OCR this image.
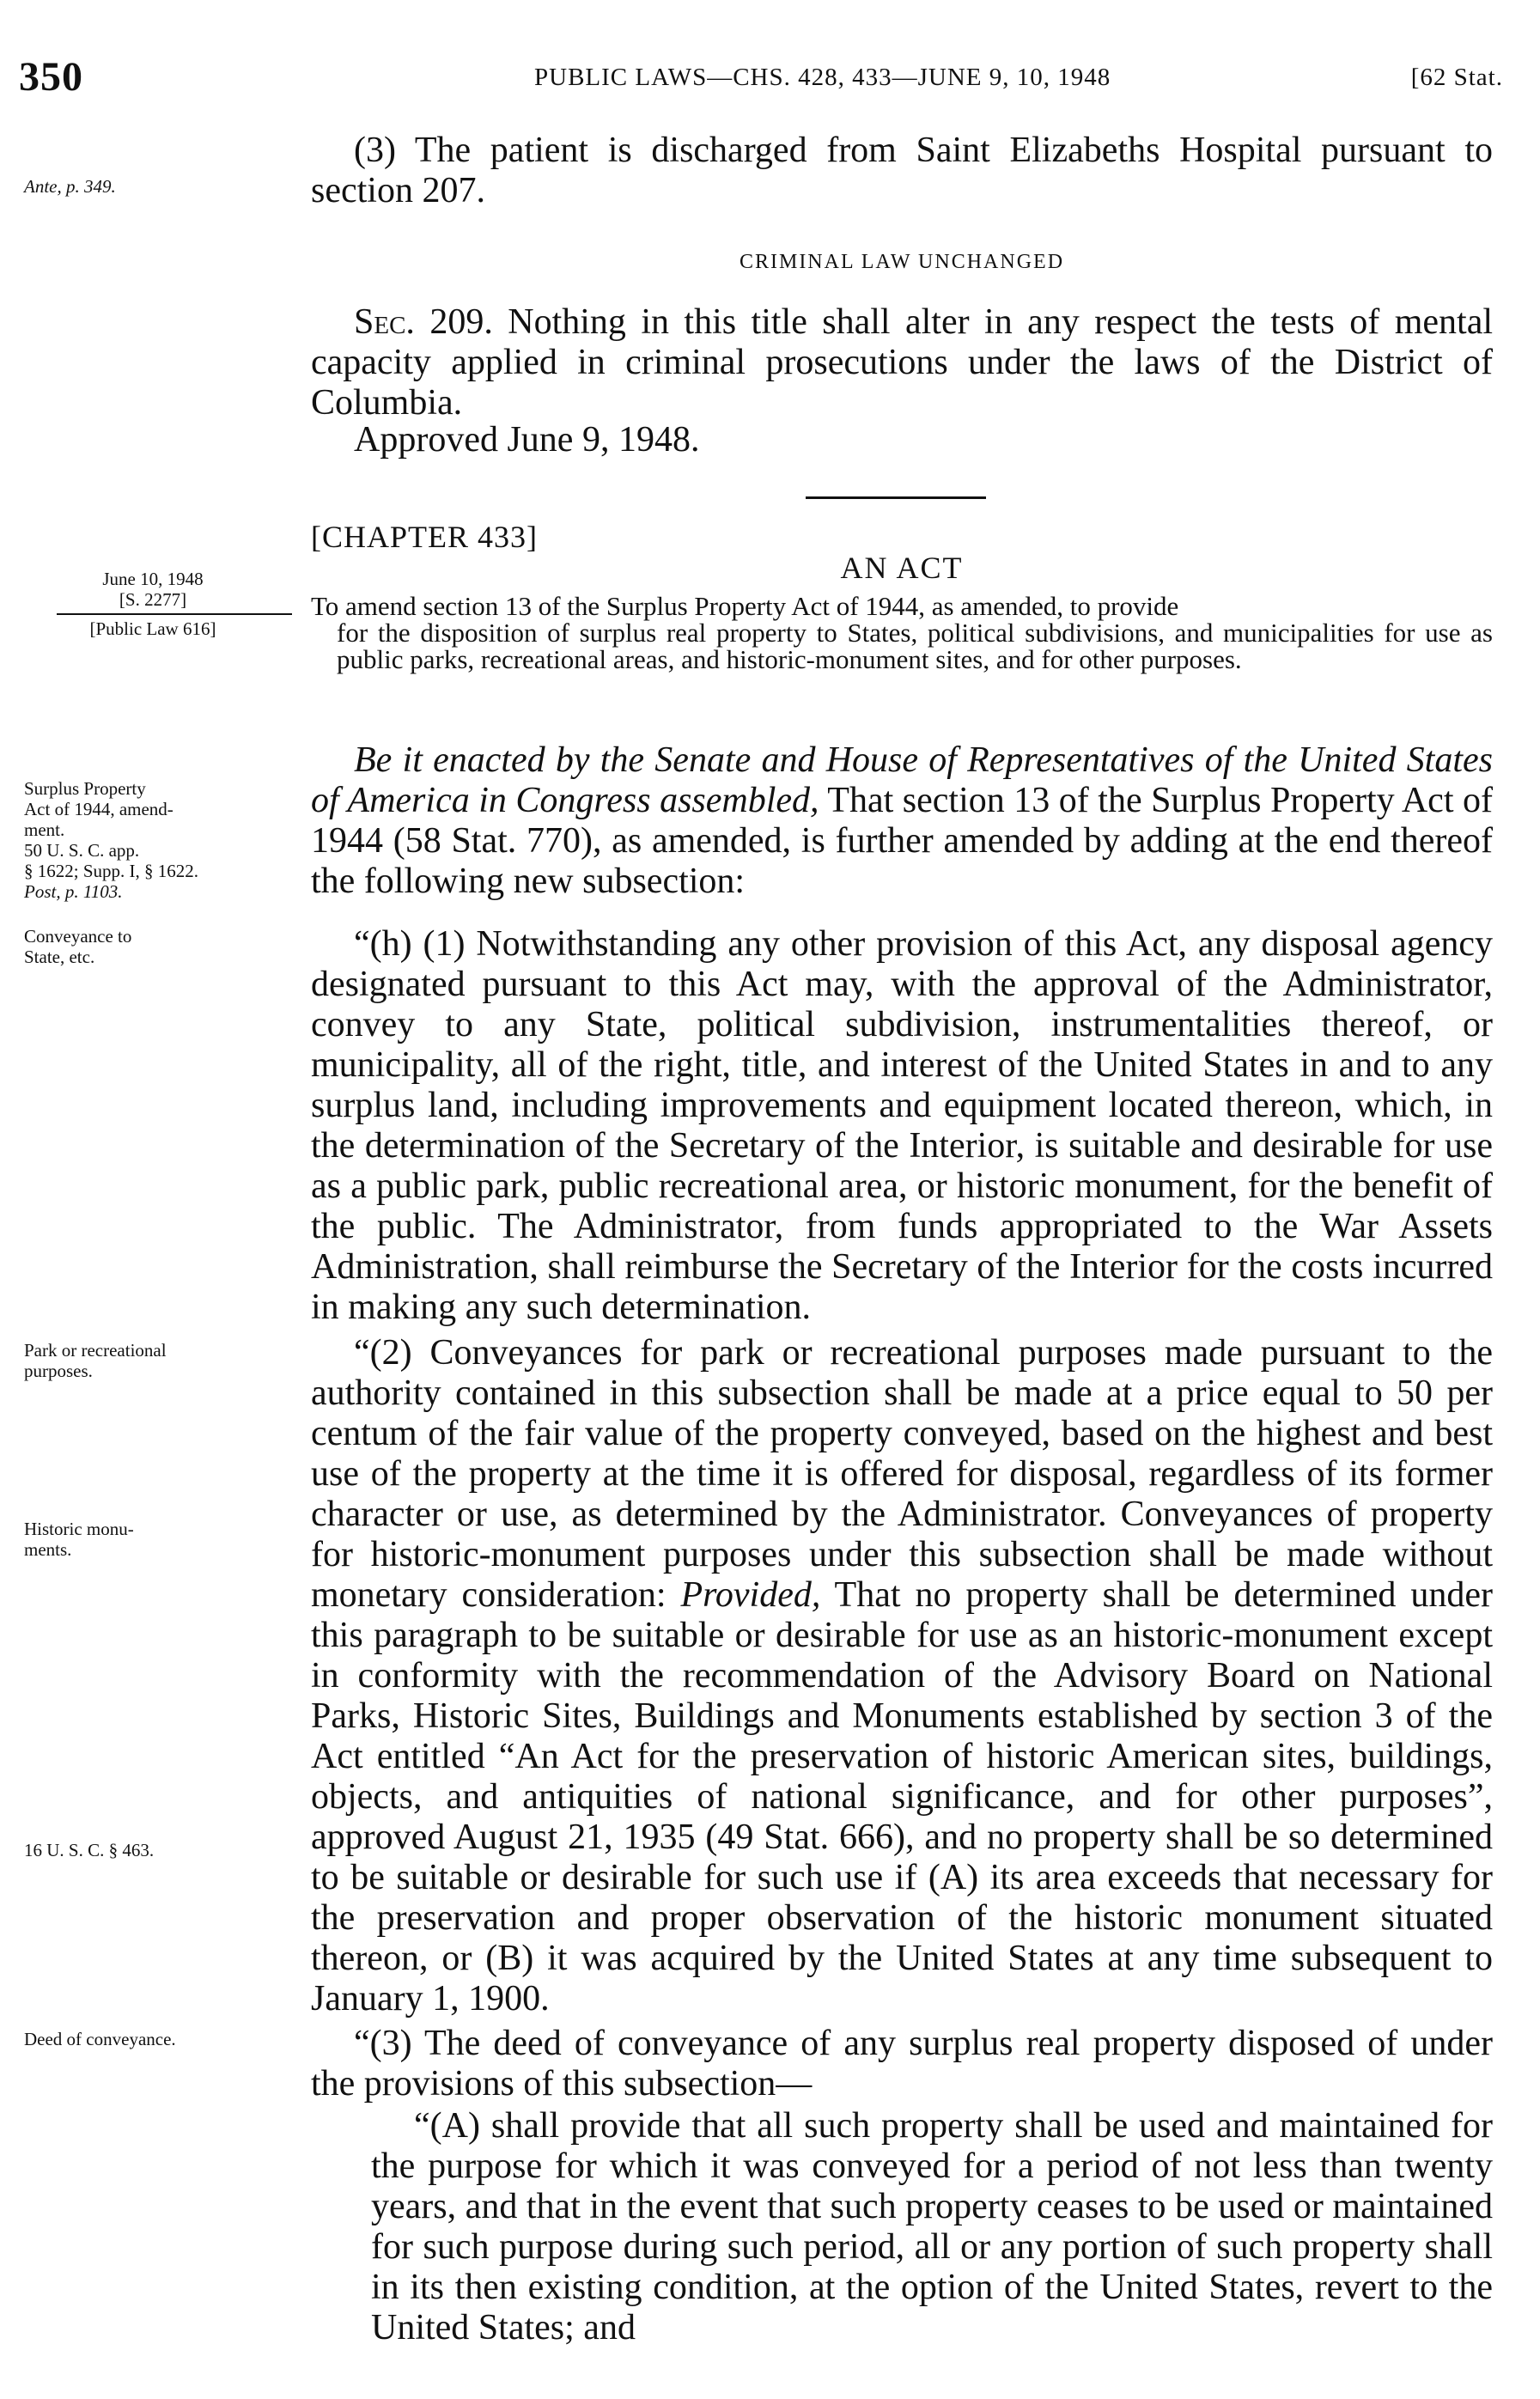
350	PUBLIC LAWS—CHS. 428, 433—JUNE 9, 10, 1948	[62 Stat.
Ante, p. 349.
June 10, 1948
[S. 2277]
[Public Law 616]
Surplus Property
Act of 1944, amend-
ment.
50 U. S. C. app.
§ 1622; Supp. I, § 1622.
Post, p. 1103.
Conveyance to
State, etc.
Park or recreational
purposes.
Historic monu-
ments.
16 U. S. C. § 463.
Deed of conveyance.

(3) The patient is discharged from Saint Elizabeths Hospital pursuant to section 207.

CRIMINAL LAW UNCHANGED

Sec. 209. Nothing in this title shall alter in any respect the tests of mental capacity applied in criminal prosecutions under the laws of the District of Columbia.

Approved June 9, 1948.
[CHAPTER 433]
AN ACT
To amend section 13 of the Surplus Property Act of 1944, as amended, to provide
for the disposition of surplus real property to States, political subdivisions, and municipalities for use as public parks, recreational areas, and historic-monument sites, and for other purposes.

Be it enacted by the Senate and House of Representatives of the United States of America in Congress assembled, That section 13 of the Surplus Property Act of 1944 (58 Stat. 770), as amended, is further amended by adding at the end thereof the following new subsection:

“(h) (1) Notwithstanding any other provision of this Act, any disposal agency designated pursuant to this Act may, with the approval of the Administrator, convey to any State, political subdivision, instrumentalities thereof, or municipality, all of the right, title, and interest of the United States in and to any surplus land, including improvements and equipment located thereon, which, in the determination of the Secretary of the Interior, is suitable and desirable for use as a public park, public recreational area, or historic monument, for the benefit of the public. The Administrator, from funds appropriated to the War Assets Administration, shall reimburse the Secretary of the Interior for the costs incurred in making any such determination.

“(2) Conveyances for park or recreational purposes made pursuant to the authority contained in this subsection shall be made at a price equal to 50 per centum of the fair value of the property conveyed, based on the highest and best use of the property at the time it is offered for disposal, regardless of its former character or use, as determined by the Administrator. Conveyances of property for historic-monument purposes under this subsection shall be made without monetary consideration: Provided, That no property shall be determined under this paragraph to be suitable or desirable for use as an historic-monument except in conformity with the recommendation of the Advisory Board on National Parks, Historic Sites, Buildings and Monuments established by section 3 of the Act entitled “An Act for the preservation of historic American sites, buildings, objects, and antiquities of national significance, and for other purposes”, approved August 21, 1935 (49 Stat. 666), and no property shall be so determined to be suitable or desirable for such use if (A) its area exceeds that necessary for the preservation and proper observation of the historic monument situated thereon, or (B) it was acquired by the United States at any time subsequent to January 1, 1900.

“(3) The deed of conveyance of any surplus real property disposed of under the provisions of this subsection—

“(A) shall provide that all such property shall be used and maintained for the purpose for which it was conveyed for a period of not less than twenty years, and that in the event that such property ceases to be used or maintained for such purpose during such period, all or any portion of such property shall in its then existing condition, at the option of the United States, revert to the United States; and
